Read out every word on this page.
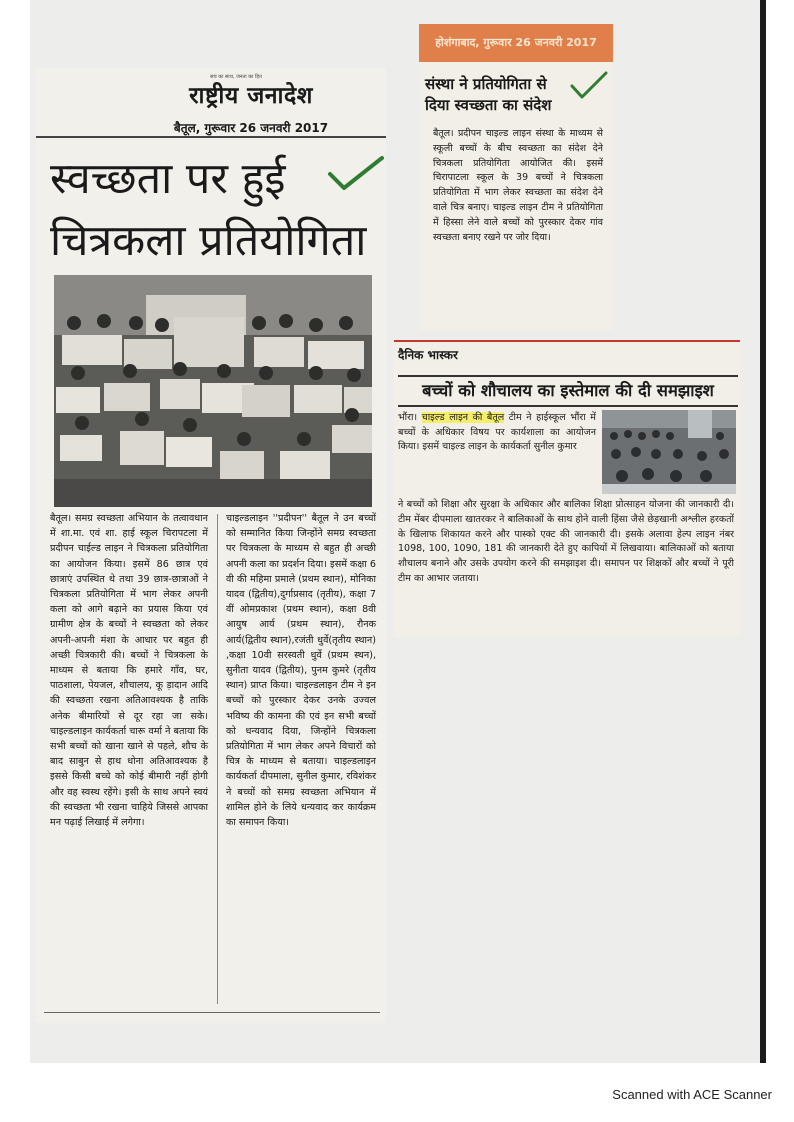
सच का साथ, जनता का हित
राष्ट्रीय जनादेश
बैतूल, गुरूवार 26 जनवरी 2017
स्वच्छता पर हुई
चित्रकला प्रतियोगिता
बैतूल। समग्र स्वच्छता अभियान के तत्वावधान में शा.मा. एवं शा. हाई स्कूल चिरापटला में प्रदीपन चाईल्ड लाइन ने चित्रकला प्रतियोगिता का आयोजन किया। इसमें 86 छात्र एवं छात्राएं उपस्थित थे तथा 39 छात्र-छात्राओं ने चित्रकला प्रतियोगिता में भाग लेकर अपनी कला को आगे बढ़ाने का प्रयास किया एवं ग्रामीण क्षेत्र के बच्चों ने स्वच्छता को लेकर अपनी-अपनी मंशा के आधार पर बहुत ही अच्छी चित्रकारी की। बच्चों ने चित्रकला के माध्यम से बताया कि हमारे गाँव, घर, पाठशाला, पेयजल, शौचालय, कू ड़ादान आदि की स्वच्छता रखना अतिआवश्यक है ताकि अनेक बीमारियों से दूर रहा जा सके। चाइल्डलाइन कार्यकर्ता चारू वर्मा ने बताया कि सभी बच्चों को खाना खाने से पहले, शौच के बाद साबुन से हाथ धोना अतिआवश्यक है इससे किसी बच्चे को कोई बीमारी नहीं होगी और वह स्वस्थ रहेंगे। इसी के साथ अपने स्वयं की स्वच्छता भी रखना चाहिये जिससे आपका मन पढ़ाई लिखाई में लगेगा।
चाइल्डलाइन ''प्रदीपन'' बैतूल ने उन बच्चों को सम्मानित किया जिन्होंने समग्र स्वच्छता पर चित्रकला के माध्यम से बहुत ही अच्छी अपनी कला का प्रदर्शन दिया। इसमें कक्षा 6 वी की महिमा प्रमाले (प्रथम स्थान), मोनिका यादव (द्वितीय),दुर्गाप्रसाद (तृतीय), कक्षा 7 वीं ओमप्रकाश (प्रथम स्थान), कक्षा 8वी आयुष आर्य (प्रथम स्थान), रौनक आर्य(द्वितीय स्थान),रजंती धुर्वे(तृतीय स्थान) ,कक्षा 10वी सरस्वती धुर्वे (प्रथम स्थन), सुनीता यादव (द्वितीय), पुनम कुमरे (तृतीय स्थान) प्राप्त किया। चाइल्डलाइन टीम ने इन बच्चों को पुरस्कार देकर उनके उज्वल भविष्य की कामना की एवं इन सभी बच्चों को धन्यवाद दिया, जिन्होंने चित्रकला प्रतियोगिता में भाग लेकर अपने विचारों को चित्र के माध्यम से बताया। चाइल्डलाइन कार्यकर्ता दीपमाला, सुनील कुमार, रविशंकर ने बच्चों को समग्र स्वच्छता अभियान में शामिल होने के लिये धन्यवाद कर कार्यक्रम का समापन किया।
होशंगाबाद, गुरूवार 26 जनवरी 2017
संस्था ने प्रतियोगिता से दिया स्वच्छता का संदेश
बैतूल। प्रदीपन चाइल्ड लाइन संस्था के माध्यम से स्कूली बच्चों के बीच स्वच्छता का संदेश देने चित्रकला प्रतियोगिता आयोजित की। इसमें चिरापाटला स्कूल के 39 बच्चों ने चित्रकला प्रतियोगिता में भाग लेकर स्वच्छता का संदेश देने वाले चित्र बनाए। चाइल्ड लाइन टीम ने प्रतियोगिता में हिस्सा लेने वाले बच्चों को पुरस्कार देकर गांव स्वच्छता बनाए रखने पर जोर दिया।
दैनिक भास्कर
बच्चों को शौचालय का इस्तेमाल की दी समझाइश
भौंरा। चाइल्ड लाइन की बैतूल टीम ने हाईस्कूल भौंरा में बच्चों के अधिकार विषय पर कार्यशाला का आयोजन किया। इसमें चाइल्ड लाइन के कार्यकर्ता सुनील कुमार
ने बच्चों को शिक्षा और सुरक्षा के अधिकार और बालिका शिक्षा प्रोत्साहन योजना की जानकारी दी। टीम मेंबर दीपमाला खातरकर ने बालिकाओं के साथ होने वाली हिंसा जैसे छेड़खानी अश्लील हरकतों के खिलाफ शिकायत करने और पास्को एक्ट की जानकारी दी। इसके अलावा हेल्प लाइन नंबर 1098, 100, 1090, 181 की जानकारी देते हुए कापियों में लिखवाया। बालिकाओं को बताया शौचालय बनाने और उसके उपयोग करने की समझाइश दी। समापन पर शिक्षकों और बच्चों ने पूरी टीम का आभार जताया।
Scanned with ACE Scanner
